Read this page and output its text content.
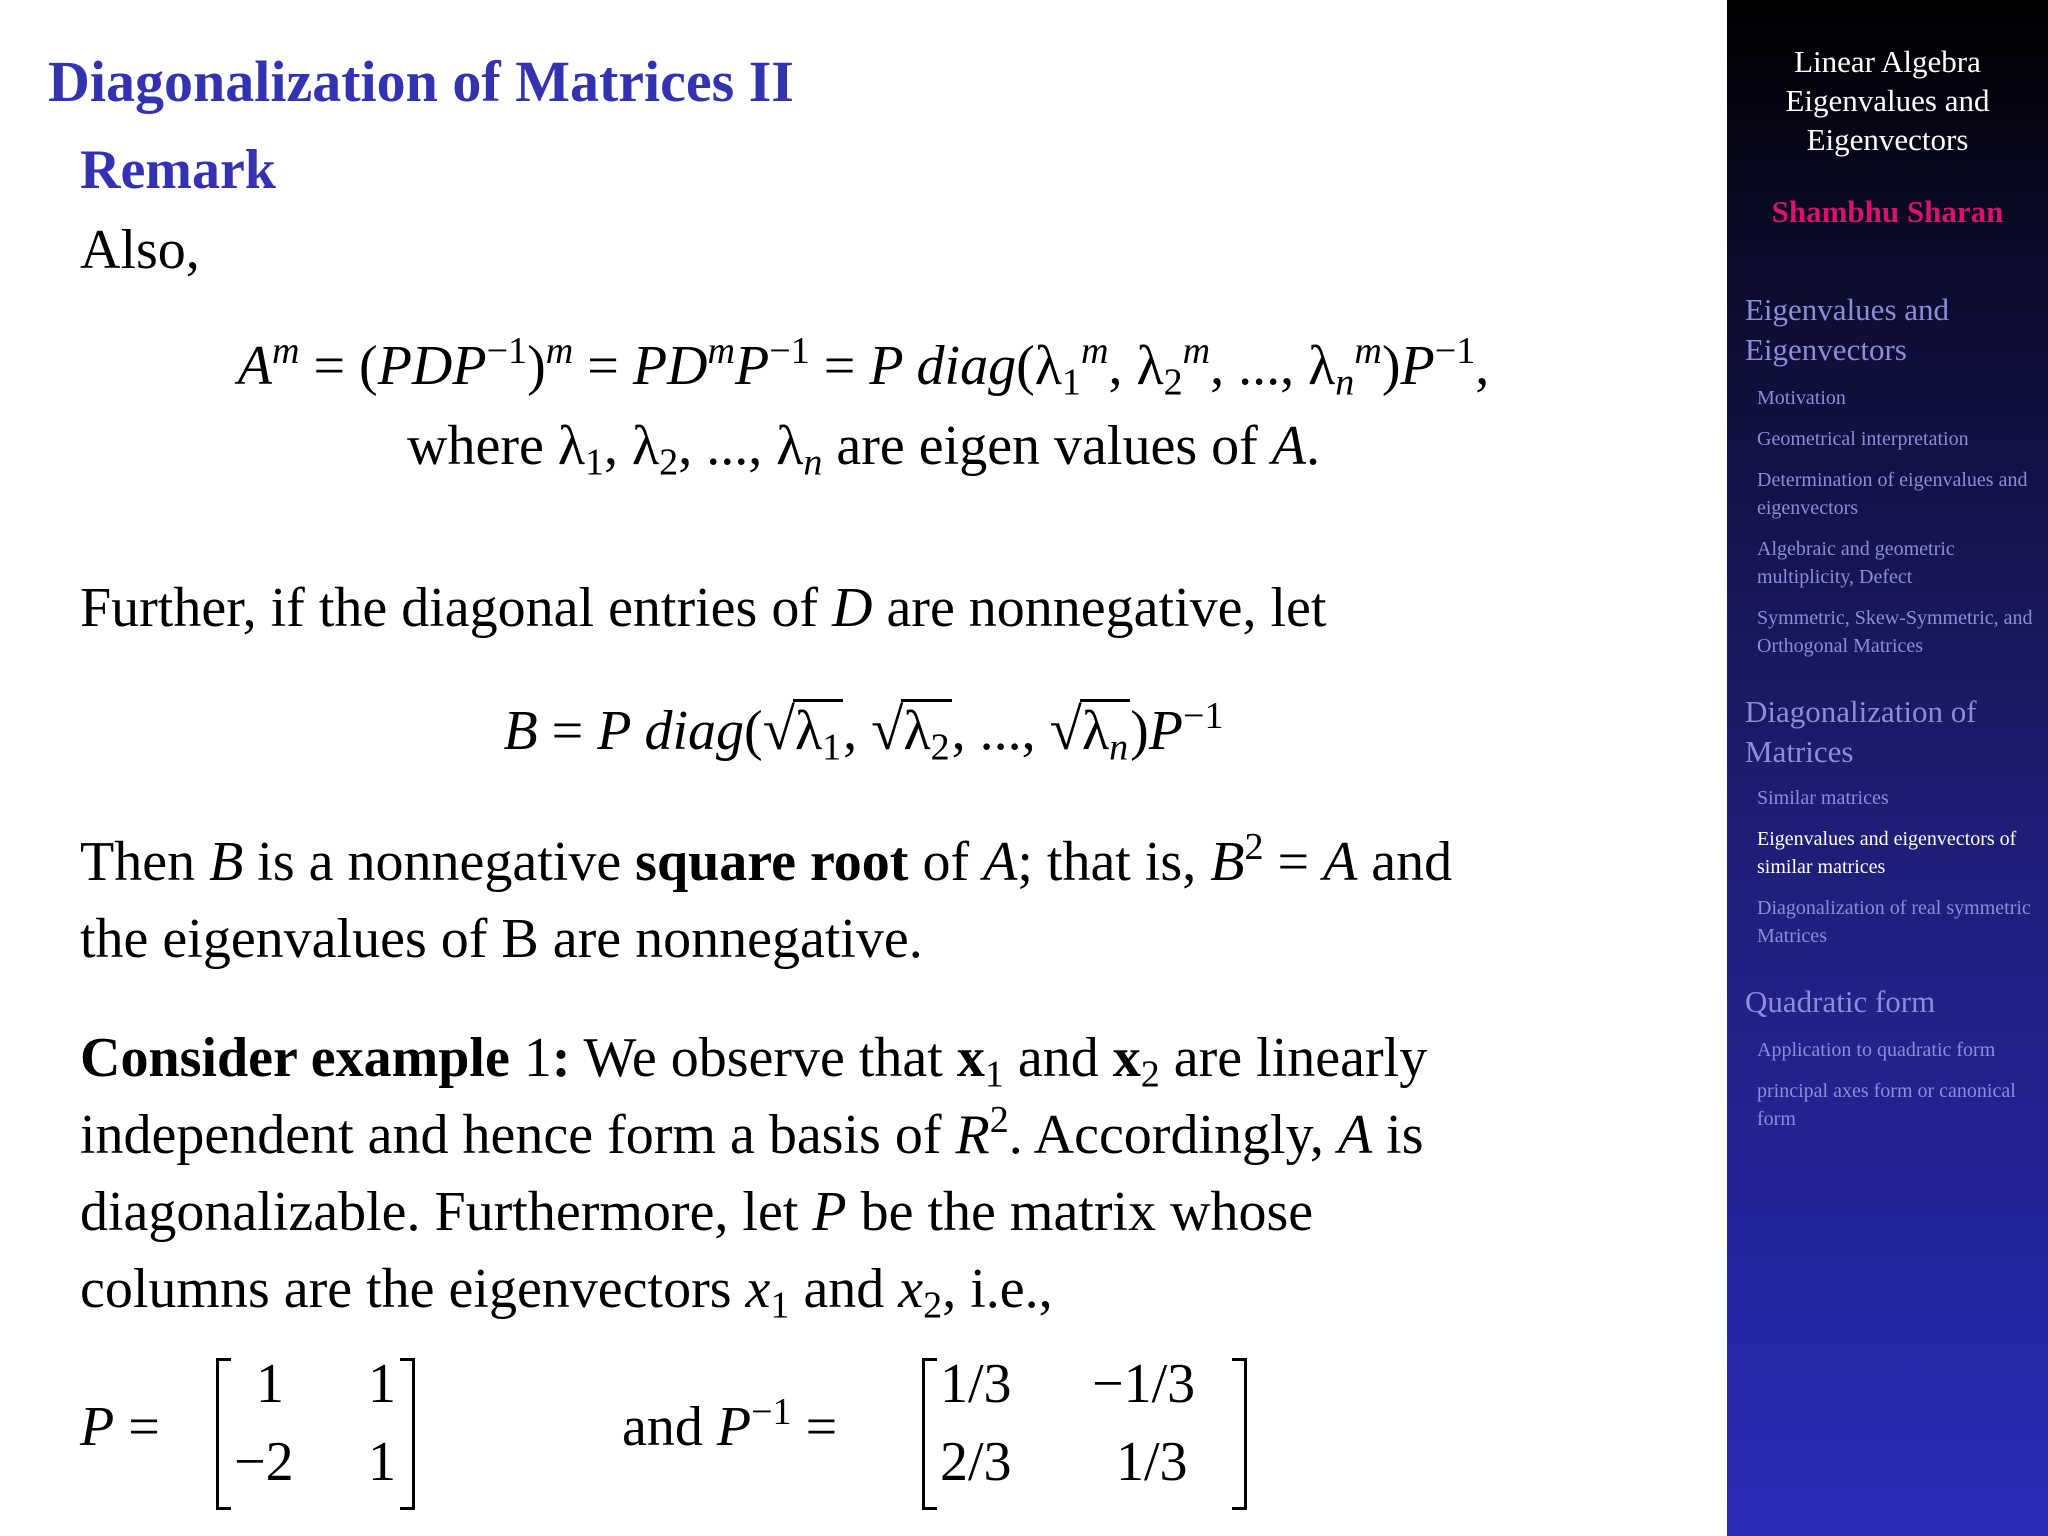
Diagonalization of Matrices II
Remark
Also,
$A^m = (PDP^{-1})^m = PD^mP^{-1} = P$ $diag(\lambda_1^m$, $\lambda_2^m$, ..., $\lambda_n^m)P^{-1}$,
where $\lambda_1$, $\lambda_2$, ..., $\lambda_n$ are eigen values of A.
Further, if the diagonal entries of D are nonnegative, let
B = P $diag(√\lambda_1$, $√\lambda_2$, ..., $√\lambda_n)P^{-1}$
Then B is a nonnegative square root of A; that is, $B^2 = A$ and
the eigenvalues of B are nonnegative.
Consider example 1: We observe that $x_1$ and $x_2$ are linearly
independent and hence form a basis of $R^2$. Accordingly, A is
diagonalizable. Furthermore, let P be the matrix whose
columns are the eigenvectors $x_1$ and $x_2$, i.e.,
P =
1 1
−2 1
and $P^{-1}$ =
1/3 −1/3
2/3 1/3
Linear Algebra
Eigenvalues and
Eigenvectors
Shambhu Sharan
Eigenvalues and Eigenvectors
Motivation
Geometrical interpretation
Determination of eigenvalues and eigenvectors
Algebraic and geometric multiplicity, Defect
Symmetric, Skew-Symmetric, and Orthogonal Matrices
Diagonalization of Matrices
Similar matrices
Eigenvalues and eigenvectors of similar matrices
Diagonalization of real symmetric Matrices
Quadratic form
Application to quadratic form
principal axes form or canonical form
